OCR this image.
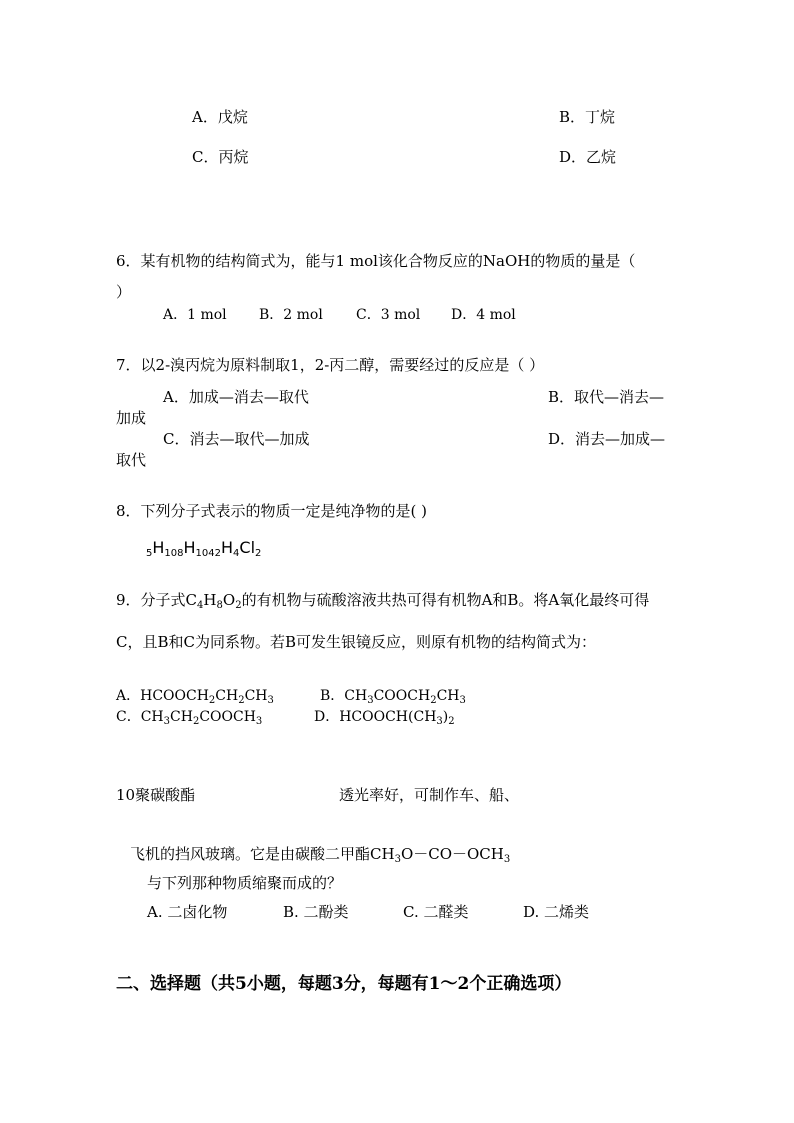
A．戊烷	B．丁烷
C．丙烷	D．乙烷
6．某有机物的结构简式为，能与1 mol该化合物反应的NaOH的物质的量是（
）
A．1 mol B．2 mol C．3 mol D．4 mol
7．以2-溴丙烷为原料制取1，2-丙二醇，需要经过的反应是（ ）
A．加成—消去—取代	B．取代—消去—
加成
C．消去—取代—加成	D．消去—加成—
取代
8．下列分子式表示的物质一定是纯净物的是( )
$_5H_{108}H_{1042}H_4Cl_2$
9．分子式$C_4H_8O_2$的有机物与硫酸溶液共热可得有机物A和B。将A氧化最终可得
C，且B和C为同系物。若B可发生银镜反应，则原有机物的结构简式为：
A．$HCOOCH_2CH_2CH_3$	B．$CH_3COOCH_2CH_3$
C．$CH_3CH_2COOCH_3$	D．$HCOOCH(CH_3)_2$
10聚碳酸酯	透光率好，可制作车、船、
飞机的挡风玻璃。它是由碳酸二甲酯$CH_3O-CO-OCH_3$
与下列那种物质缩聚而成的？
A. 二卤化物	B. 二酚类	C. 二醛类	D. 二烯类
二、选择题（共5小题，每题3分，每题有1～2个正确选项）
